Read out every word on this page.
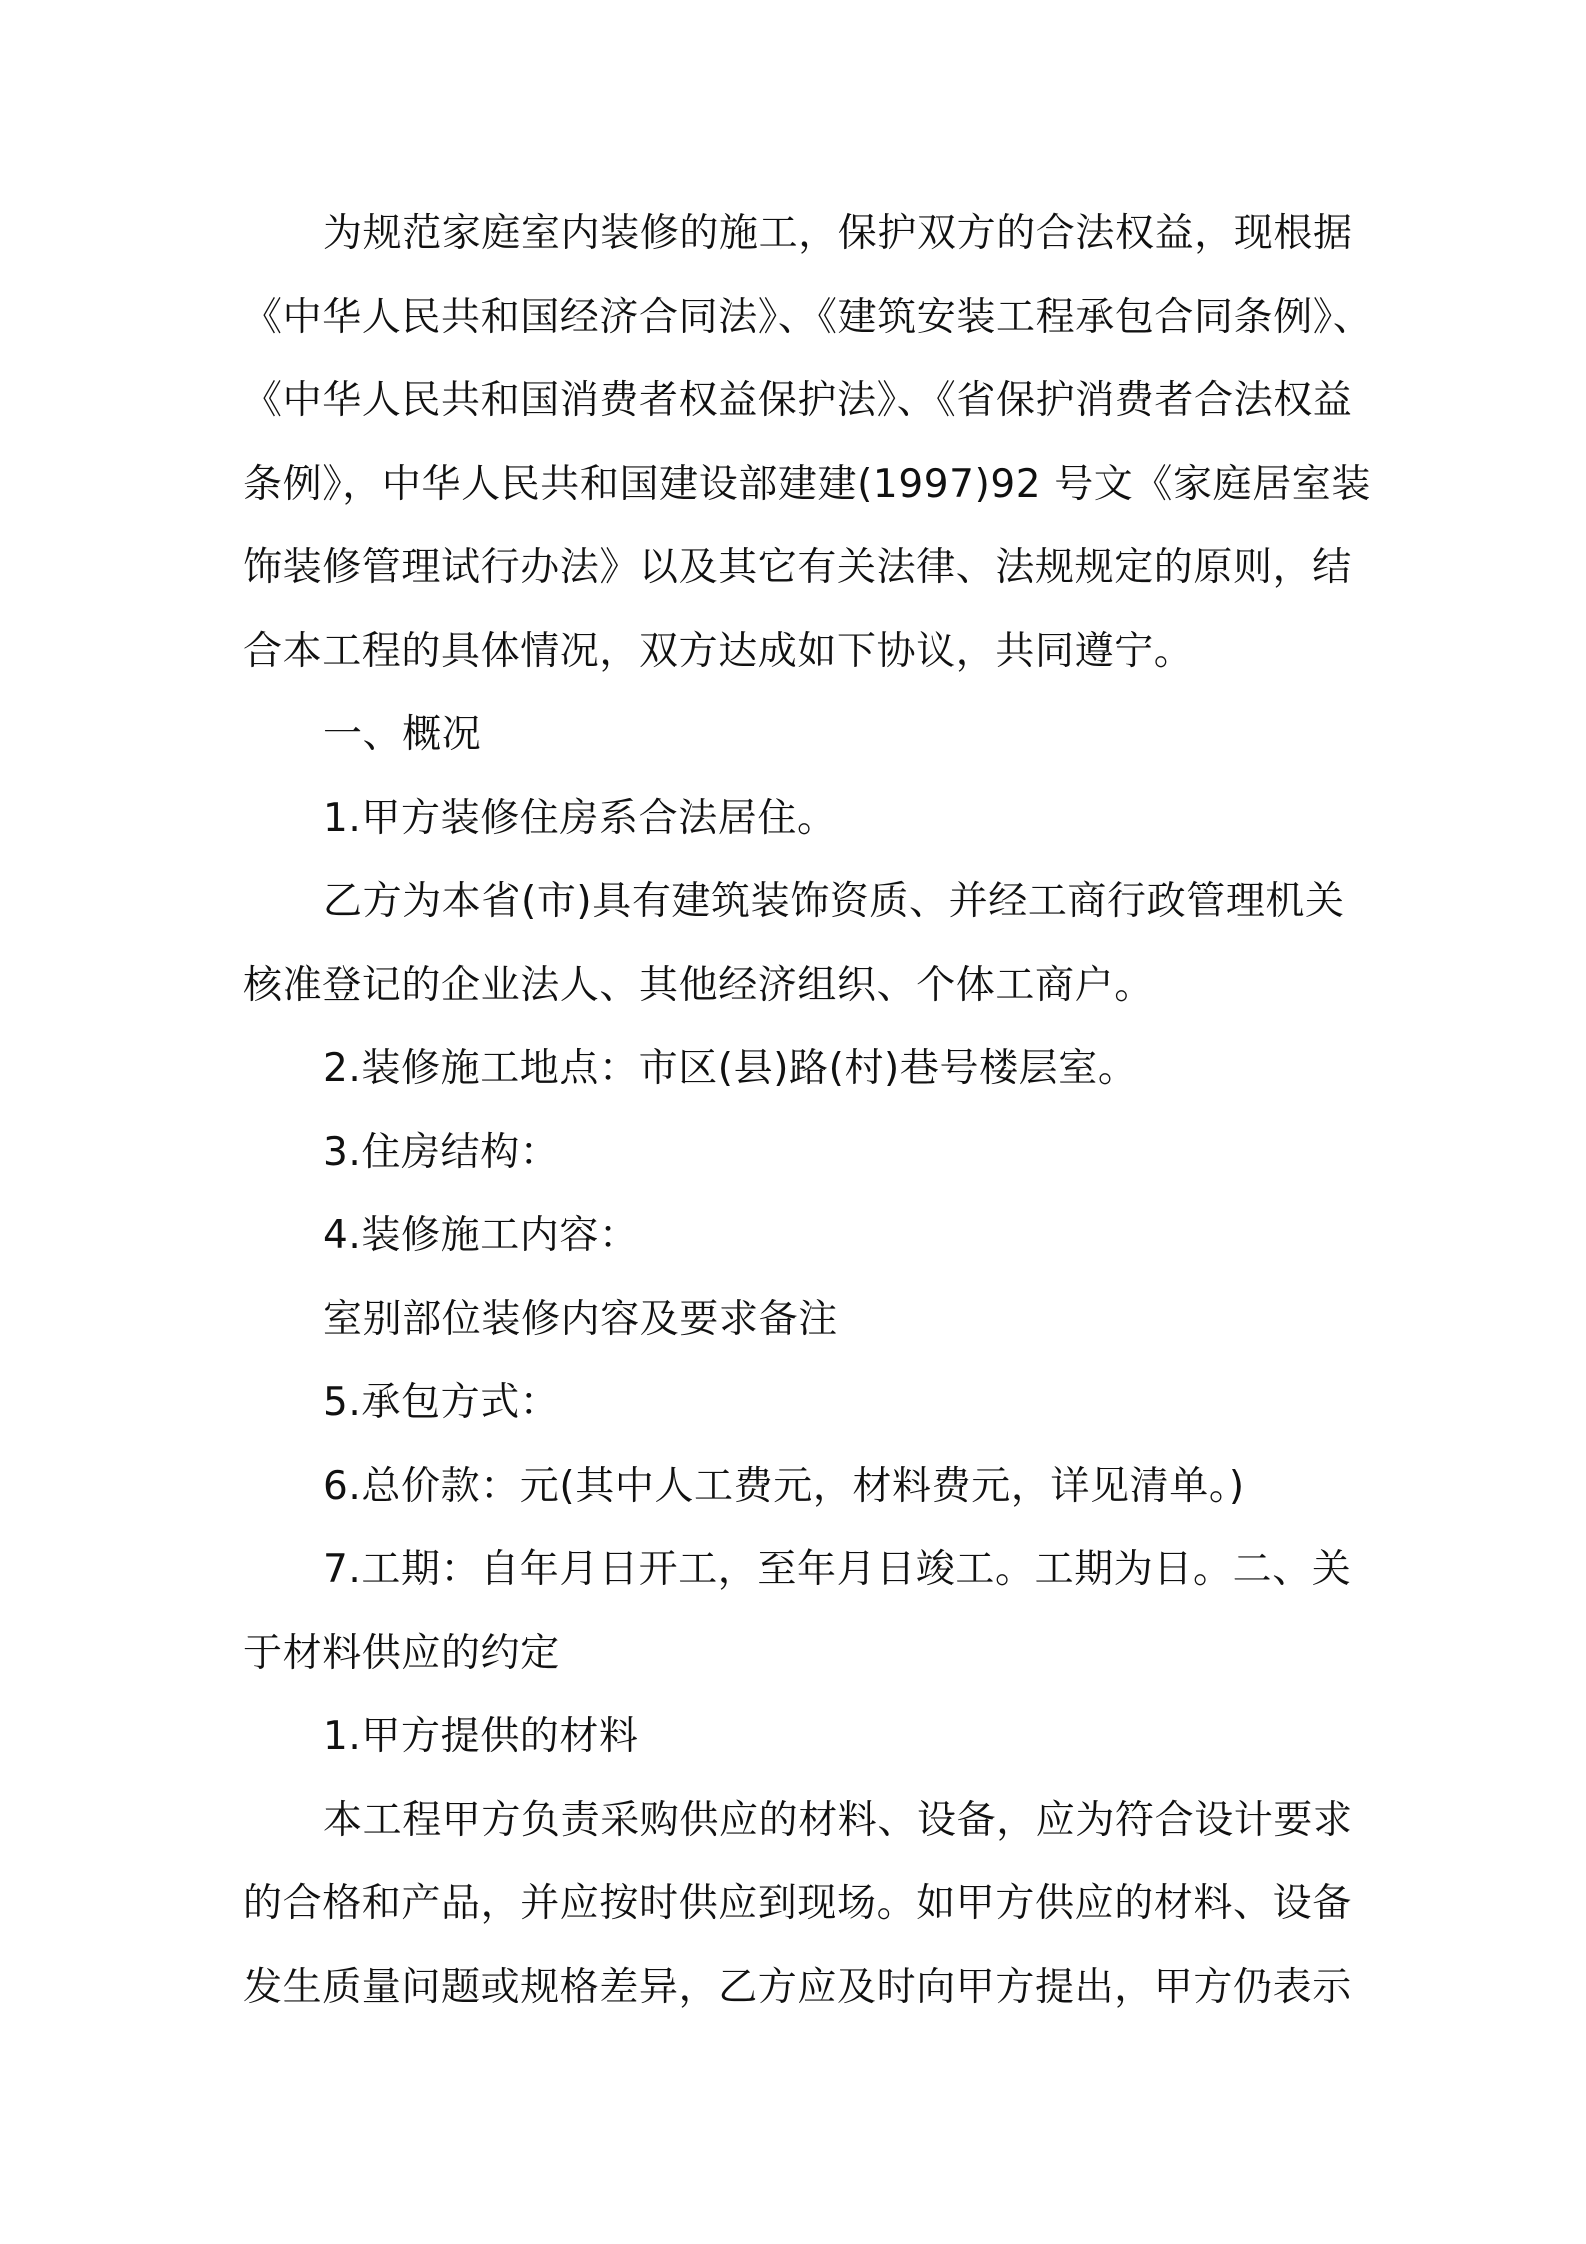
为规范家庭室内装修的施工，保护双方的合法权益，现根据
《中华人民共和国经济合同法》、《建筑安装工程承包合同条例》、
《中华人民共和国消费者权益保护法》、《省保护消费者合法权益
条例》，中华人民共和国建设部建建(1997)92 号文《家庭居室装
饰装修管理试行办法》以及其它有关法律、法规规定的原则，结
合本工程的具体情况，双方达成如下协议，共同遵宁。
一、概况
1.甲方装修住房系合法居住。
乙方为本省(市)具有建筑装饰资质、并经工商行政管理机关
核准登记的企业法人、其他经济组织、个体工商户。
2.装修施工地点：市区(县)路(村)巷号楼层室。
3.住房结构：
4.装修施工内容：
室别部位装修内容及要求备注
5.承包方式：
6.总价款：元(其中人工费元，材料费元，详见清单。)
7.工期：自年月日开工，至年月日竣工。工期为日。二、关
于材料供应的约定
1.甲方提供的材料
本工程甲方负责采购供应的材料、设备，应为符合设计要求
的合格和产品，并应按时供应到现场。如甲方供应的材料、设备
发生质量问题或规格差异，乙方应及时向甲方提出，甲方仍表示
